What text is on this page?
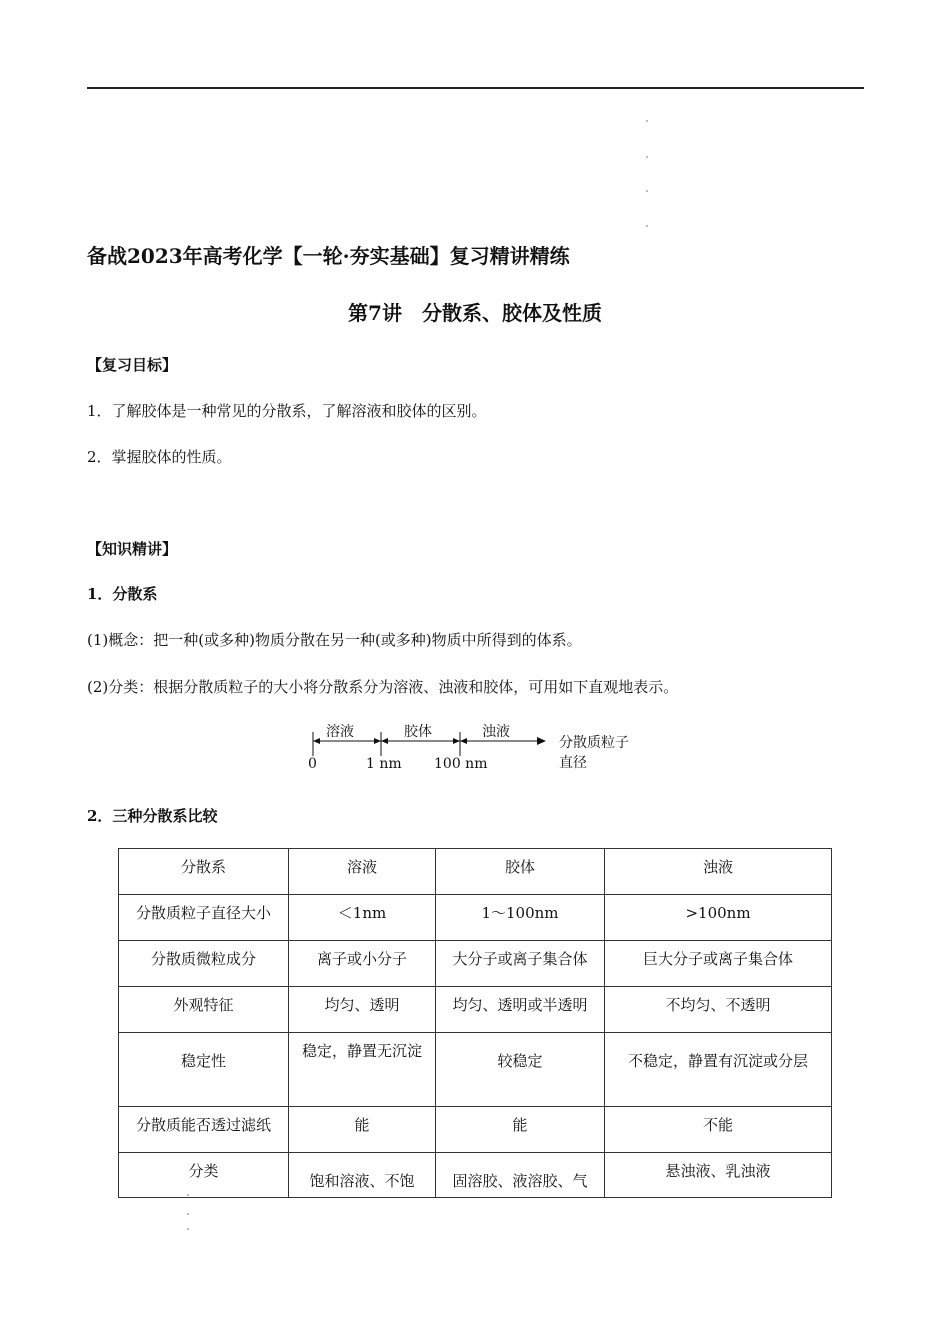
备战2023年高考化学【一轮·夯实基础】复习精讲精练
第7讲　分散系、胶体及性质
【复习目标】
1．了解胶体是一种常见的分散系，了解溶液和胶体的区别。
2．掌握胶体的性质。
【知识精讲】
1．分散系
(1)概念：把一种(或多种)物质分散在另一种(或多种)物质中所得到的体系。
(2)分类：根据分散质粒子的大小将分散系分为溶液、浊液和胶体，可用如下直观地表示。
溶液	胶体	浊液
0	1 nm 100 nm
分散质粒子
直径
2．三种分散系比较
分散系	溶液	胶体	浊液
分散质粒子直径大小	＜1nm	1～100nm	>100nm
分散质微粒成分	离子或小分子	大分子或离子集合体	巨大分子或离子集合体
外观特征	均匀、透明	均匀、透明或半透明	不均匀、不透明
稳定性	稳定，静置无沉淀	较稳定	不稳定，静置有沉淀或分层
分散质能否透过滤纸	能	能	不能
分类	饱和溶液、不饱	固溶胶、液溶胶、气	悬浊液、乳浊液
